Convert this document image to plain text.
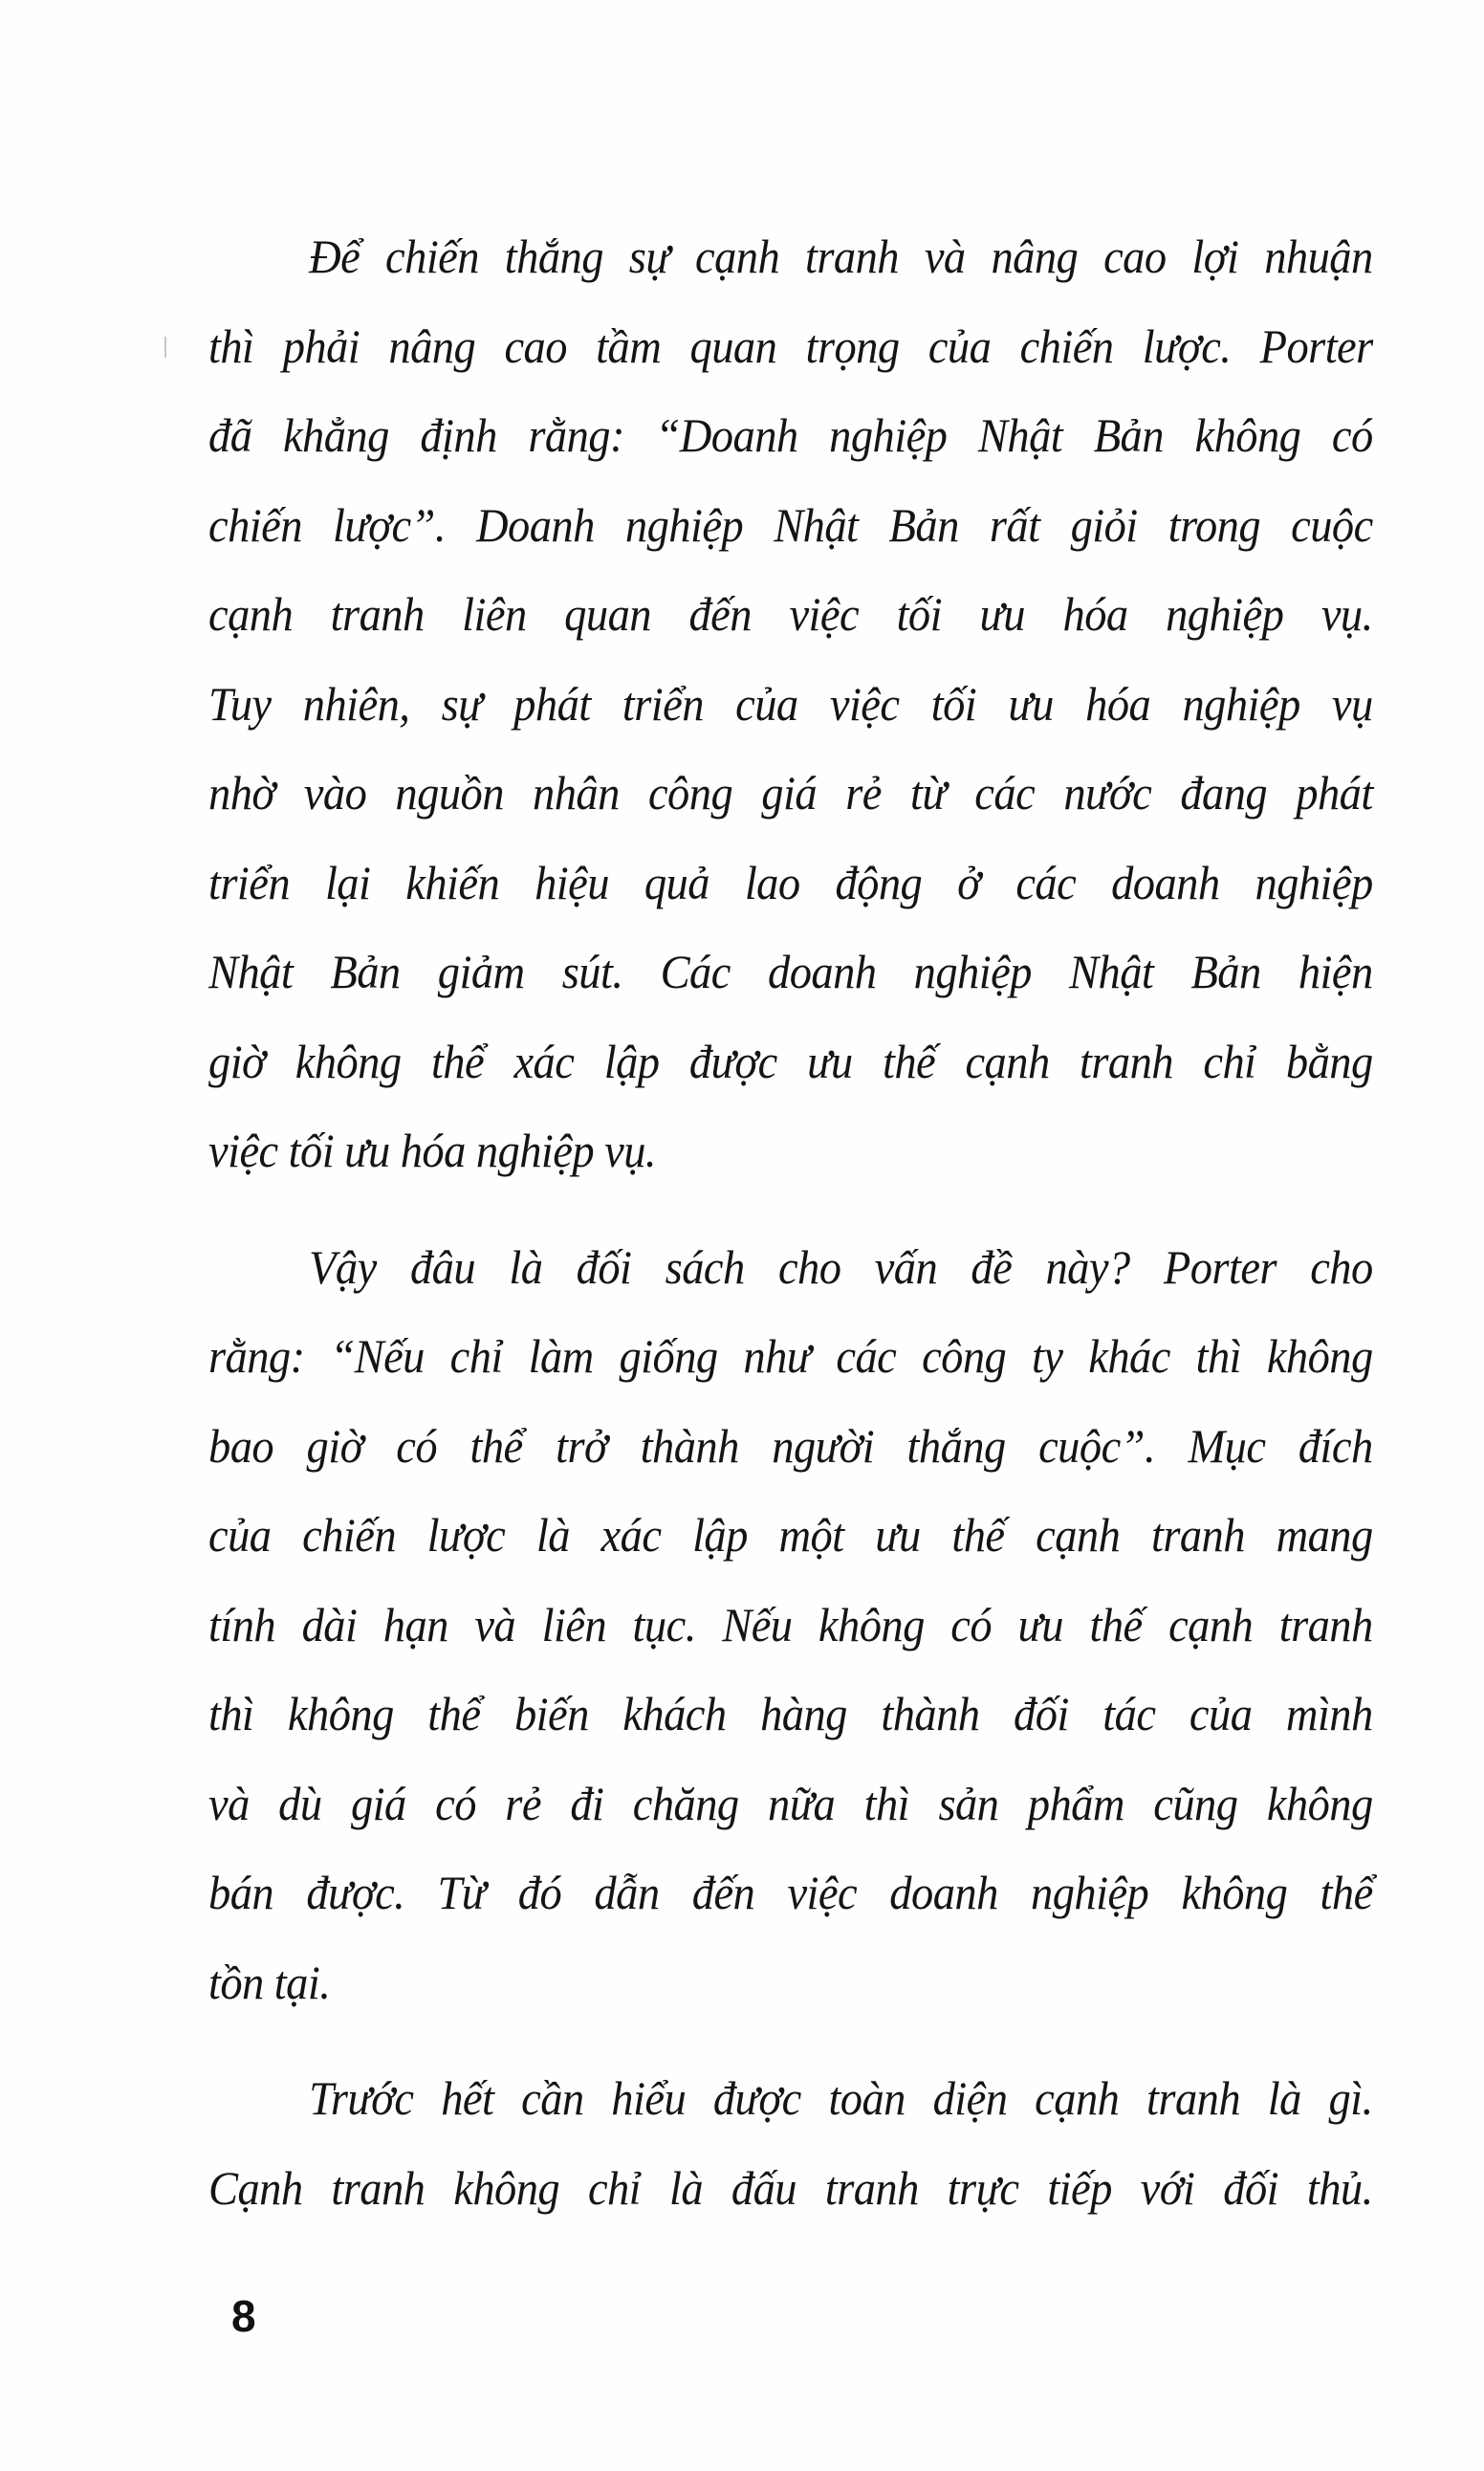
Để chiến thắng sự cạnh tranh và nâng cao lợi nhuận
thì phải nâng cao tầm quan trọng của chiến lược. Porter
đã khẳng định rằng: “Doanh nghiệp Nhật Bản không có
chiến lược”. Doanh nghiệp Nhật Bản rất giỏi trong cuộc
cạnh tranh liên quan đến việc tối ưu hóa nghiệp vụ.
Tuy nhiên, sự phát triển của việc tối ưu hóa nghiệp vụ
nhờ vào nguồn nhân công giá rẻ từ các nước đang phát
triển lại khiến hiệu quả lao động ở các doanh nghiệp
Nhật Bản giảm sút. Các doanh nghiệp Nhật Bản hiện
giờ không thể xác lập được ưu thế cạnh tranh chỉ bằng
việc tối ưu hóa nghiệp vụ.
Vậy đâu là đối sách cho vấn đề này? Porter cho
rằng: “Nếu chỉ làm giống như các công ty khác thì không
bao giờ có thể trở thành người thắng cuộc”. Mục đích
của chiến lược là xác lập một ưu thế cạnh tranh mang
tính dài hạn và liên tục. Nếu không có ưu thế cạnh tranh
thì không thể biến khách hàng thành đối tác của mình
và dù giá có rẻ đi chăng nữa thì sản phẩm cũng không
bán được. Từ đó dẫn đến việc doanh nghiệp không thể
tồn tại.
Trước hết cần hiểu được toàn diện cạnh tranh là gì.
Cạnh tranh không chỉ là đấu tranh trực tiếp với đối thủ.
8
